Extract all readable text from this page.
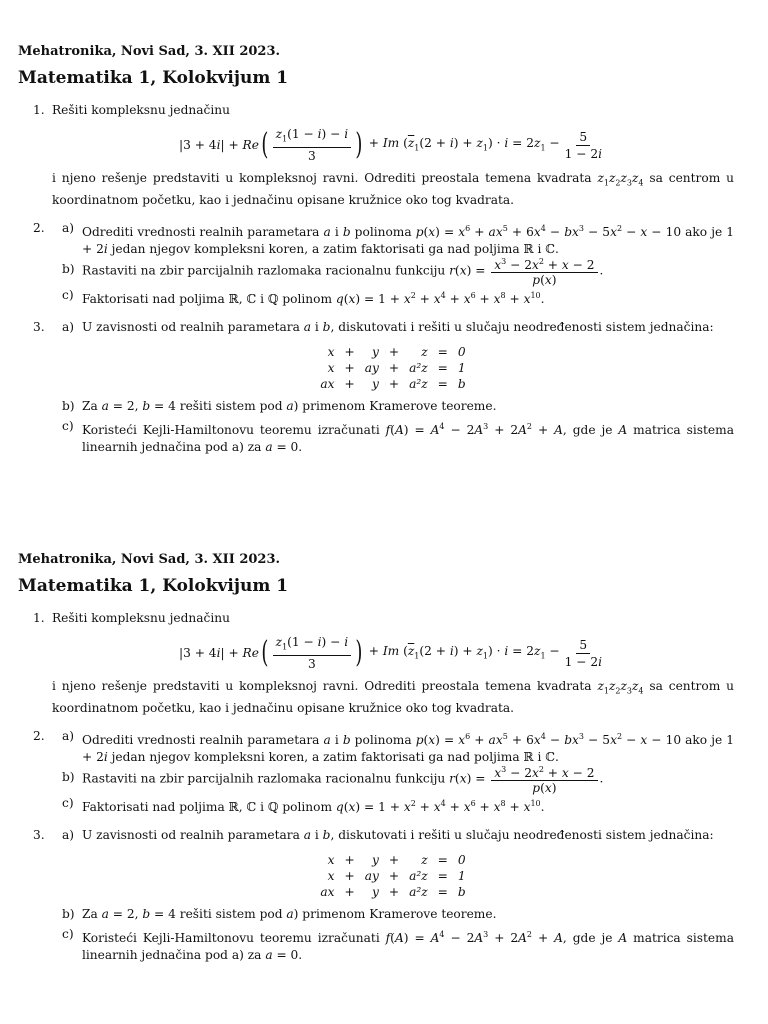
Mehatronika, Novi Sad, 3. XII 2023.
Matematika 1, Kolokvijum 1
1. Rešiti kompleksnu jednačinu
|3 + 4i| + Re ( $\frac{z_1(1 - i) - i}{3}$ ) + Im $(\overline{z}_1(2 + i) + z_1) \cdot i = 2z_1 - \frac{5}{1 - 2i}$
i njeno rešenje predstaviti u kompleksnoj ravni. Odrediti preostala temena kvadrata $z_1z_2z_3z_4$ sa centrom u koordinatnom početku, kao i jednačinu opisane kružnice oko tog kvadrata.
2. a) Odrediti vrednosti realnih parametara a i b polinoma $p(x) = x^6 + ax^5 + 6x^4 - bx^3 - 5x^2 - x - 10$ ako je 1 + 2i jedan njegov kompleksni koren, a zatim faktorisati ga nad poljima ℝ i ℂ.
b) Rastaviti na zbir parcijalnih razlomaka racionalnu funkciju $r(x) = \frac{x^3 - 2x^2 + x - 2}{p(x)}$ .
c) Faktorisati nad poljima ℝ, ℂ i ℚ polinom $q(x) = 1 + x^2 + x^4 + x^6 + x^8 + x^{10}$.
3. a) U zavisnosti od realnih parametara a i b, diskutovati i rešiti u slučaju neodređenosti sistem jednačina:
x	+	y	+	z	=	0
x	+	ay	+	a²z	=	1
ax	+	y	+	a²z	=	b
b) Za a = 2, b = 4 rešiti sistem pod a) primenom Kramerove teoreme.
c) Koristeći Kejli-Hamiltonovu teoremu izračunati $f(A) = A^4 - 2A^3 + 2A^2 + A$, gde je A matrica sistema linearnih jednačina pod a) za a = 0.
Mehatronika, Novi Sad, 3. XII 2023.
Matematika 1, Kolokvijum 1
1. Rešiti kompleksnu jednačinu
|3 + 4i| + Re ( $\frac{z_1(1 - i) - i}{3}$ ) + Im $(\overline{z}_1(2 + i) + z_1) \cdot i = 2z_1 - \frac{5}{1 - 2i}$
i njeno rešenje predstaviti u kompleksnoj ravni. Odrediti preostala temena kvadrata $z_1z_2z_3z_4$ sa centrom u koordinatnom početku, kao i jednačinu opisane kružnice oko tog kvadrata.
2. a) Odrediti vrednosti realnih parametara a i b polinoma $p(x) = x^6 + ax^5 + 6x^4 - bx^3 - 5x^2 - x - 10$ ako je 1 + 2i jedan njegov kompleksni koren, a zatim faktorisati ga nad poljima ℝ i ℂ.
b) Rastaviti na zbir parcijalnih razlomaka racionalnu funkciju $r(x) = \frac{x^3 - 2x^2 + x - 2}{p(x)}$ .
c) Faktorisati nad poljima ℝ, ℂ i ℚ polinom $q(x) = 1 + x^2 + x^4 + x^6 + x^8 + x^{10}$.
3. a) U zavisnosti od realnih parametara a i b, diskutovati i rešiti u slučaju neodređenosti sistem jednačina:
x	+	y	+	z	=	0
x	+	ay	+	a²z	=	1
ax	+	y	+	a²z	=	b
b) Za a = 2, b = 4 rešiti sistem pod a) primenom Kramerove teoreme.
c) Koristeći Kejli-Hamiltonovu teoremu izračunati $f(A) = A^4 - 2A^3 + 2A^2 + A$, gde je A matrica sistema linearnih jednačina pod a) za a = 0.
